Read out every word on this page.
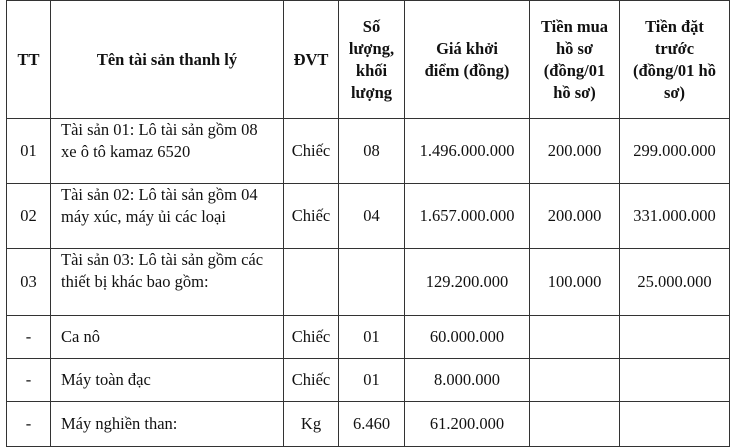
TT	Tên tài sản thanh lý	ĐVT	Số
lượng,
khối
lượng	Giá khởi
điểm (đồng)	Tiền mua
hồ sơ
(đồng/01
hồ sơ)	Tiền đặt
trước
(đồng/01 hồ
sơ)
01	Tài sản 01: Lô tài sản gồm 08
xe ô tô kamaz 6520	Chiếc	08	1.496.000.000	200.000	299.000.000
02	Tài sản 02: Lô tài sản gồm 04
máy xúc, máy ủi các loại	Chiếc	04	1.657.000.000	200.000	331.000.000
03	Tài sản 03: Lô tài sản gồm các
thiết bị khác bao gồm:			129.200.000	100.000	25.000.000
-	Ca nô	Chiếc	01	60.000.000		
-	Máy toàn đạc	Chiếc	01	8.000.000		
-	Máy nghiền than:	Kg	6.460	61.200.000		
